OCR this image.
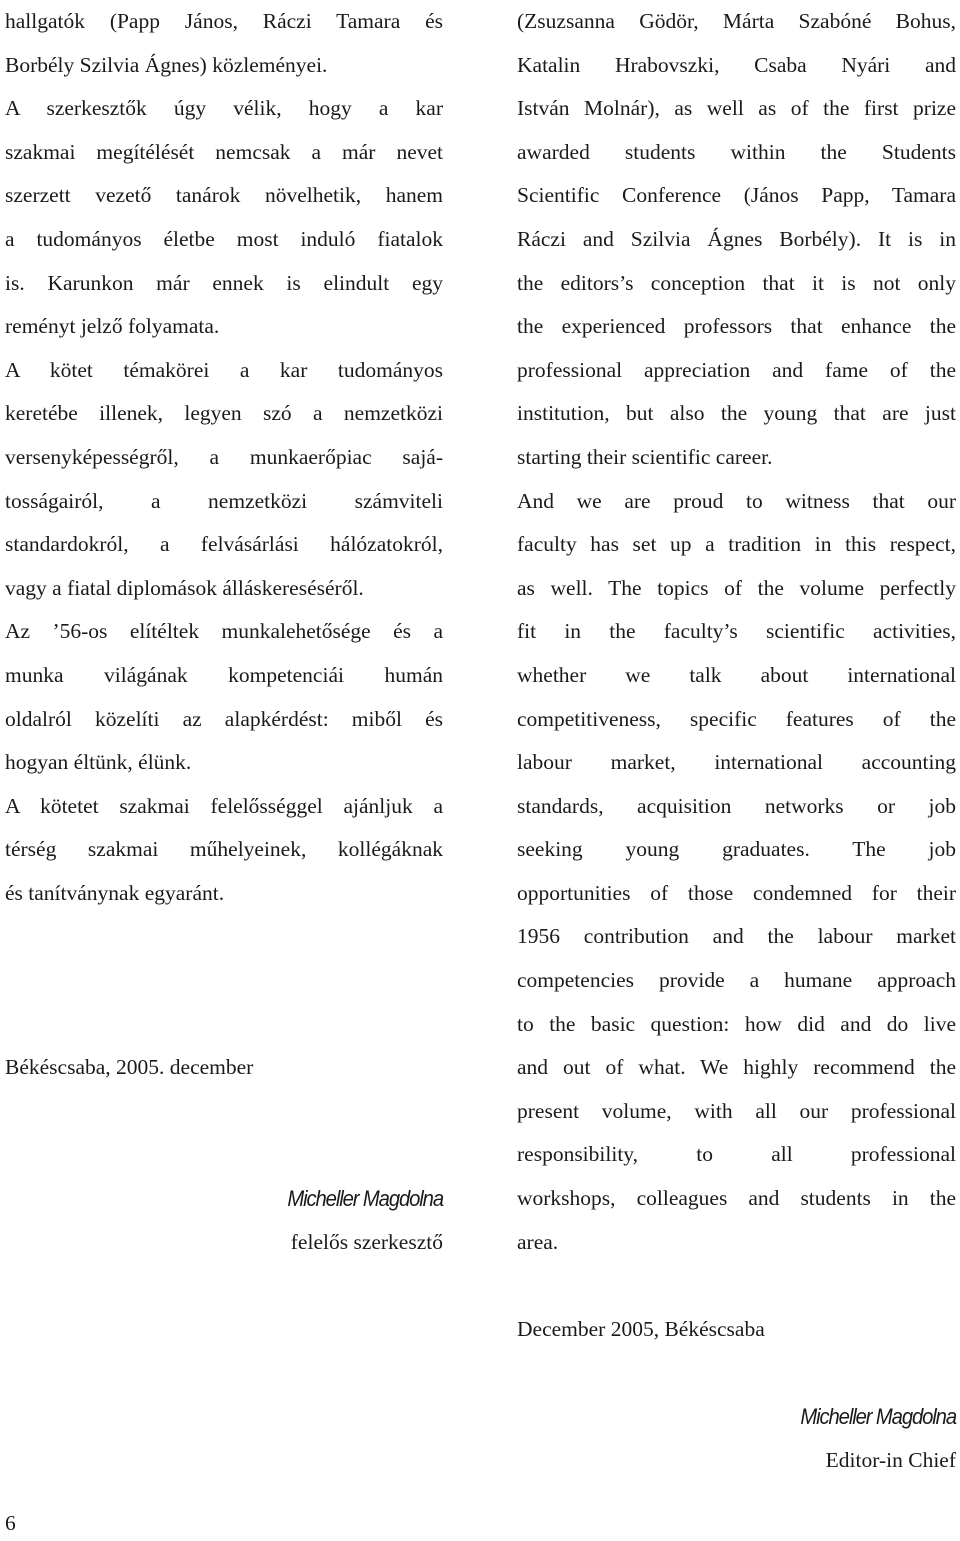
hallgatók (Papp János, Ráczi Tamara és
Borbély Szilvia Ágnes) közleményei.
A szerkesztők úgy vélik, hogy a kar
szakmai megítélését nemcsak a már nevet
szerzett vezető tanárok növelhetik, hanem
a tudományos életbe most induló fiatalok
is. Karunkon már ennek is elindult egy
reményt jelző folyamata.
A kötet témakörei a kar tudományos
keretébe illenek, legyen szó a nemzetközi
versenyképességről, a munkaerőpiac sajá-
tosságairól, a nemzetközi számviteli
standardokról, a felvásárlási hálózatokról,
vagy a fiatal diplomások álláskereséséről.
Az ’56-os elítéltek munkalehetősége és a
munka világának kompetenciái humán
oldalról közelíti az alapkérdést: miből és
hogyan éltünk, élünk.
A kötetet szakmai felelősséggel ajánljuk a
térség szakmai műhelyeinek, kollégáknak
és tanítványnak egyaránt.
Békéscsaba, 2005. december
Micheller Magdolna
felelős szerkesztő
(Zsuzsanna Gödör, Márta Szabóné Bohus,
Katalin Hrabovszki, Csaba Nyári and
István Molnár), as well as of the first prize
awarded students within the Students
Scientific Conference (János Papp, Tamara
Ráczi and Szilvia Ágnes Borbély). It is in
the editors’s conception that it is not only
the experienced professors that enhance the
professional appreciation and fame of the
institution, but also the young that are just
starting their scientific career.
And we are proud to witness that our
faculty has set up a tradition in this respect,
as well. The topics of the volume perfectly
fit in the faculty’s scientific activities,
whether we talk about international
competitiveness, specific features of the
labour market, international accounting
standards, acquisition networks or job
seeking young graduates. The job
opportunities of those condemned for their
1956 contribution and the labour market
competencies provide a humane approach
to the basic question: how did and do live
and out of what. We highly recommend the
present volume, with all our professional
responsibility, to all professional
workshops, colleagues and students in the
area.
December 2005, Békéscsaba
Micheller Magdolna
Editor-in Chief
6
